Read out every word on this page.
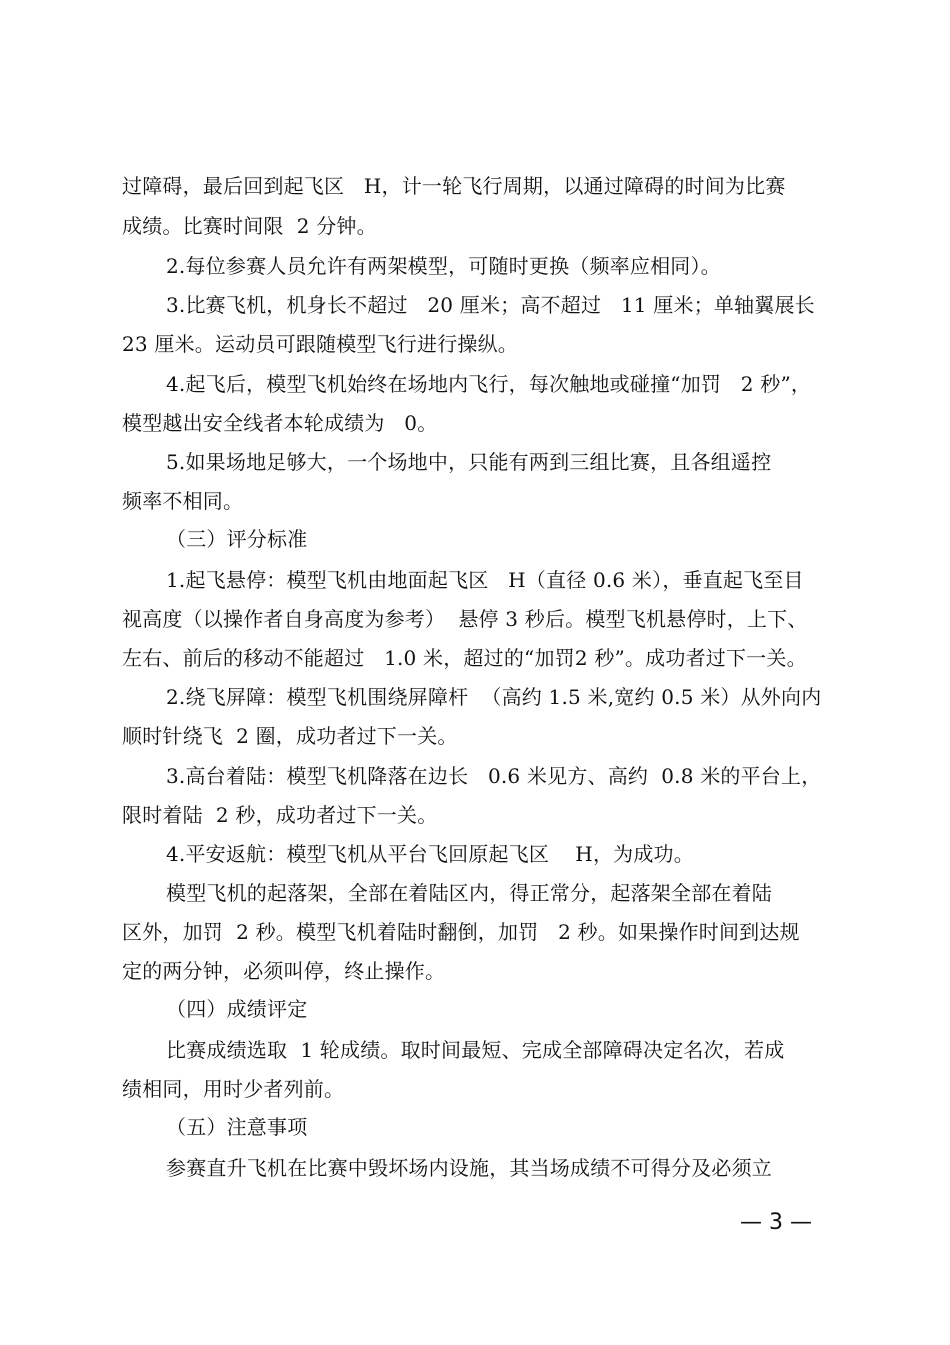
过障碍，最后回到起飞区   H，计一轮飞行周期，以通过障碍的时间为比赛
成绩。比赛时间限  2 分钟。
2.每位参赛人员允许有两架模型，可随时更换（频率应相同）。
3.比赛飞机，机身长不超过   20 厘米；高不超过   11 厘米；单轴翼展长
23 厘米。运动员可跟随模型飞行进行操纵。
4.起飞后，模型飞机始终在场地内飞行，每次触地或碰撞“加罚   2 秒”，
模型越出安全线者本轮成绩为   0。
5.如果场地足够大，一个场地中，只能有两到三组比赛，且各组遥控
频率不相同。
（三）评分标准
1.起飞悬停：模型飞机由地面起飞区   H（直径 0.6 米），垂直起飞至目
视高度（以操作者自身高度为参考）  悬停 3 秒后。模型飞机悬停时，上下、
左右、前后的移动不能超过   1.0 米，超过的“加罚2 秒”。成功者过下一关。
2.绕飞屏障：模型飞机围绕屏障杆  （高约 1.5 米,宽约 0.5 米）从外向内
顺时针绕飞  2 圈，成功者过下一关。
3.高台着陆：模型飞机降落在边长   0.6 米见方、高约  0.8 米的平台上，
限时着陆  2 秒，成功者过下一关。
4.平安返航：模型飞机从平台飞回原起飞区    H，为成功。
模型飞机的起落架，全部在着陆区内，得正常分，起落架全部在着陆
区外，加罚  2 秒。模型飞机着陆时翻倒，加罚   2 秒。如果操作时间到达规
定的两分钟，必须叫停，终止操作。
（四）成绩评定
比赛成绩选取  1 轮成绩。取时间最短、完成全部障碍决定名次，若成
绩相同，用时少者列前。
（五）注意事项
参赛直升飞机在比赛中毁坏场内设施，其当场成绩不可得分及必须立
— 3 —
